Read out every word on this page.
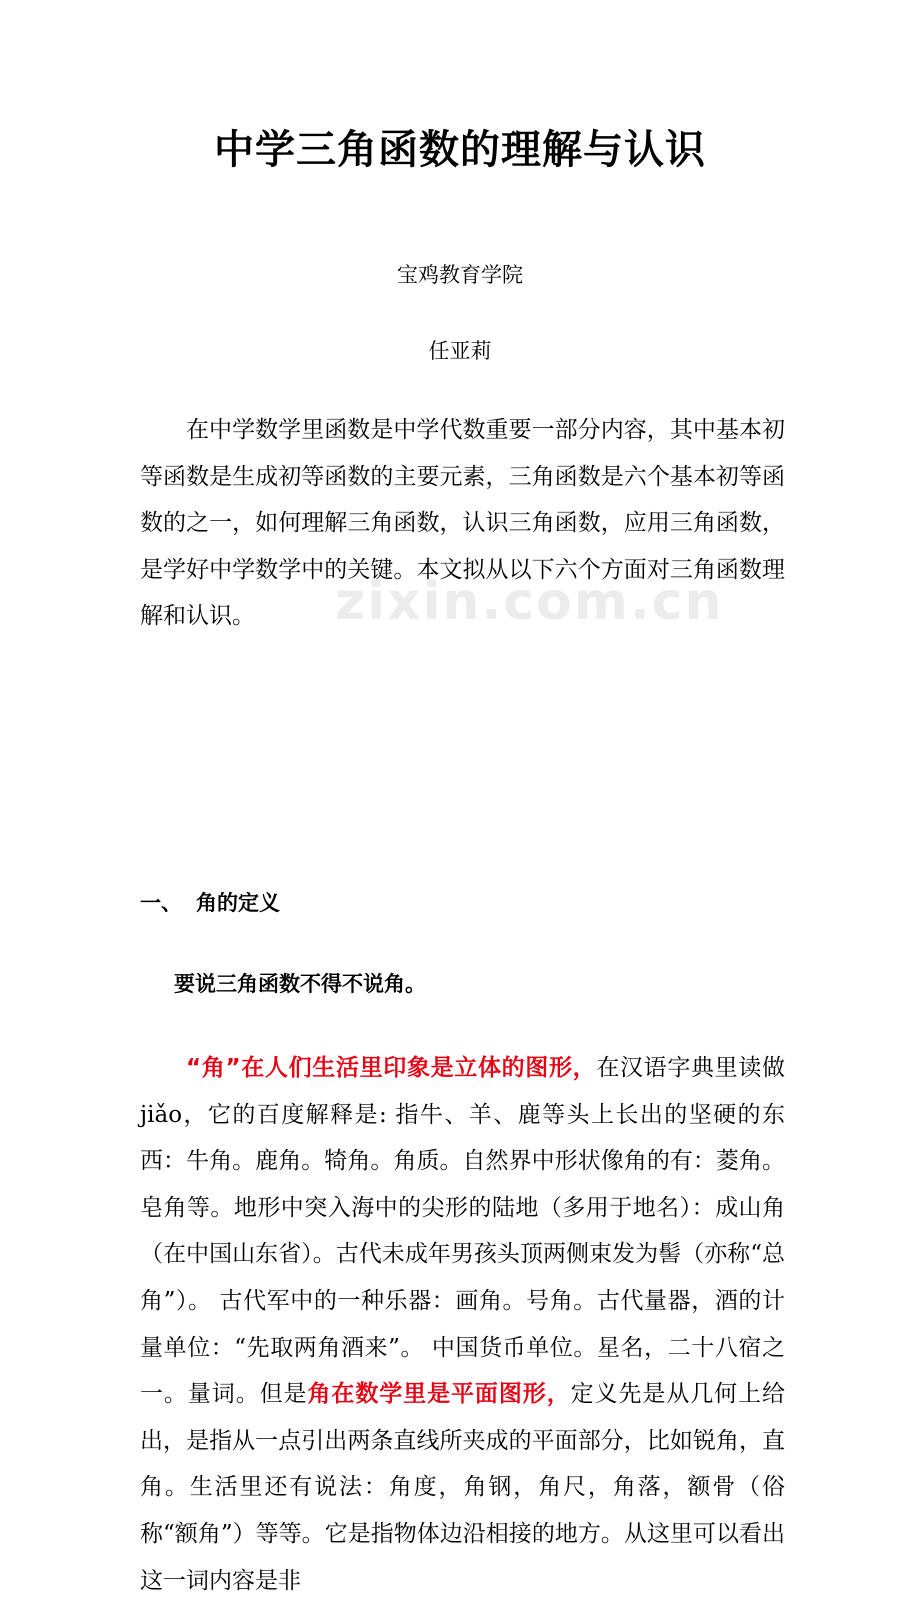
zixin.com.cn
中学三角函数的理解与认识
宝鸡教育学院
任亚莉

在中学数学里函数是中学代数重要一部分内容，其中基本初等函数是生成初等函数的主要元素，三角函数是六个基本初等函数的之一，如何理解三角函数，认识三角函数，应用三角函数，是学好中学数学中的关键。本文拟从以下六个方面对三角函数理解和认识。

一、 角的定义
要说三角函数不得不说角。

“角”在人们生活里印象是立体的图形，在汉语字典里读做 jiǎo，它的百度解释是: 指牛、羊、鹿等头上长出的坚硬的东西：牛角。鹿角。犄角。角质。自然界中形状像角的有：菱角。皂角等。地形中突入海中的尖形的陆地（多用于地名）：成山角（在中国山东省）。古代未成年男孩头顶两侧束发为髻（亦称“总角”）。 古代军中的一种乐器：画角。号角。古代量器，酒的计量单位：“先取两角酒来”。 中国货币单位。星名，二十八宿之一。量词。但是角在数学里是平面图形，定义先是从几何上给出，是指从一点引出两条直线所夹成的平面部分，比如锐角，直角。生活里还有说法：角度，角钢，角尺，角落，额骨（俗称“额角”）等等。它是指物体边沿相接的地方。从这里可以看出这一词内容是非
